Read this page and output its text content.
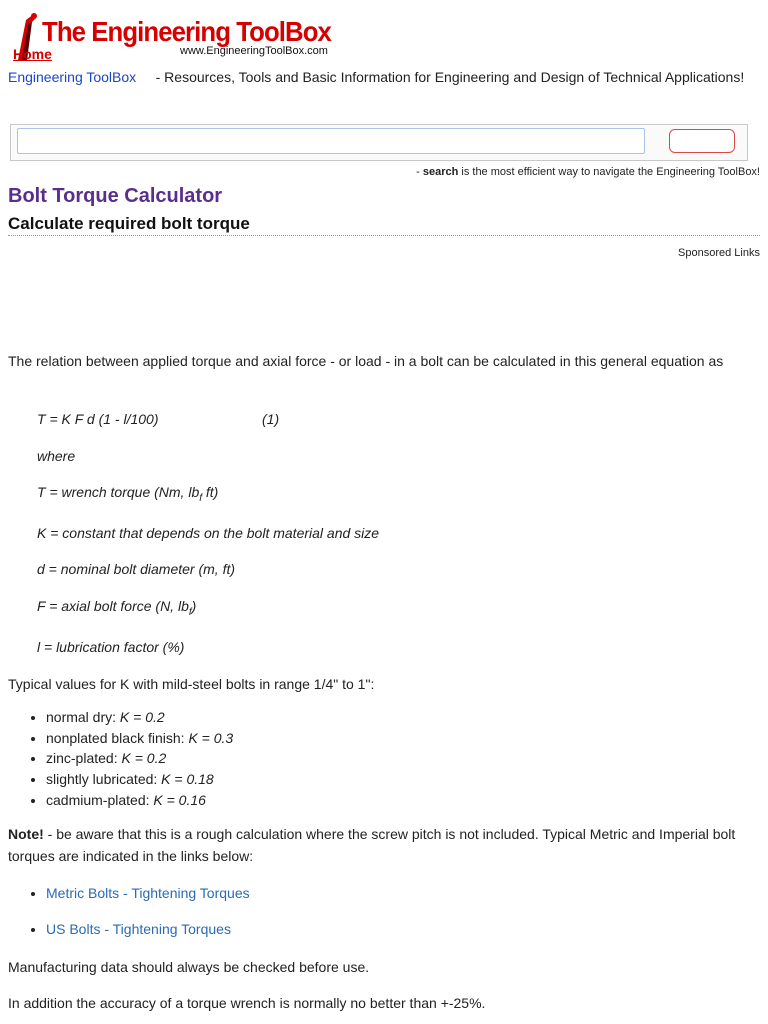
The Engineering ToolBox
Home	www.EngineeringToolBox.com
Engineering ToolBox - Resources, Tools and Basic Information for Engineering and Design of Technical Applications!
- search is the most efficient way to navigate the Engineering ToolBox!
Bolt Torque Calculator
Calculate required bolt torque
Sponsored Links
The relation between applied torque and axial force - or load - in a bolt can be calculated in this general equation as
T = K F d (1 - l/100)	(1)
where
T = wrench torque (Nm, $lb_f$ ft)
K = constant that depends on the bolt material and size
d = nominal bolt diameter (m, ft)
F = axial bolt force (N, $lb_f$)
l = lubrication factor (%)
Typical values for K with mild-steel bolts in range 1/4" to 1":
• normal dry: K = 0.2
• nonplated black finish: K = 0.3
• zinc-plated: K = 0.2
• slightly lubricated: K = 0.18
• cadmium-plated: K = 0.16
Note! - be aware that this is a rough calculation where the screw pitch is not included. Typical Metric and Imperial bolt torques are indicated in the links below:
• Metric Bolts - Tightening Torques
• US Bolts - Tightening Torques
Manufacturing data should always be checked before use.
In addition the accuracy of a torque wrench is normally no better than +-25%.
